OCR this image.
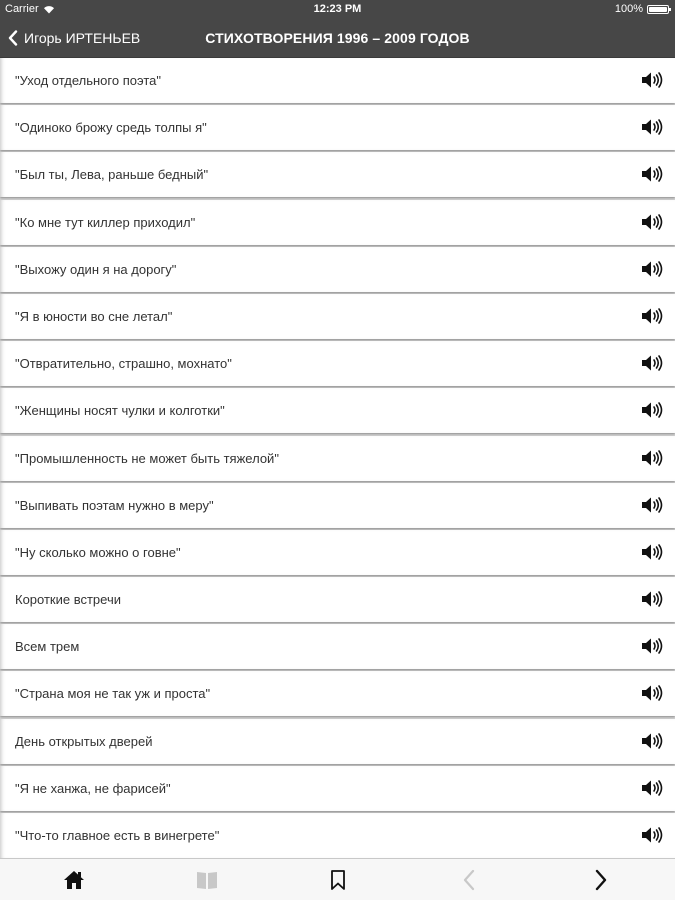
Carrier	12:23 PM	100%
Игорь ИРТЕНЬЕВ	СТИХОТВОРЕНИЯ 1996 – 2009 ГОДОВ
"Уход отдельного поэта"
"Одиноко брожу средь толпы я"
"Был ты, Лева, раньше бедный"
"Ко мне тут киллер приходил"
"Выхожу один я на дорогу"
"Я в юности во сне летал"
"Отвратительно, страшно, мохнато"
"Женщины носят чулки и колготки"
"Промышленность не может быть тяжелой"
"Выпивать поэтам нужно в меру"
"Ну сколько можно о говне"
Короткие встречи
Всем трем
"Страна моя не так уж и проста"
День открытых дверей
"Я не ханжа, не фарисей"
"Что-то главное есть в винегрете"
